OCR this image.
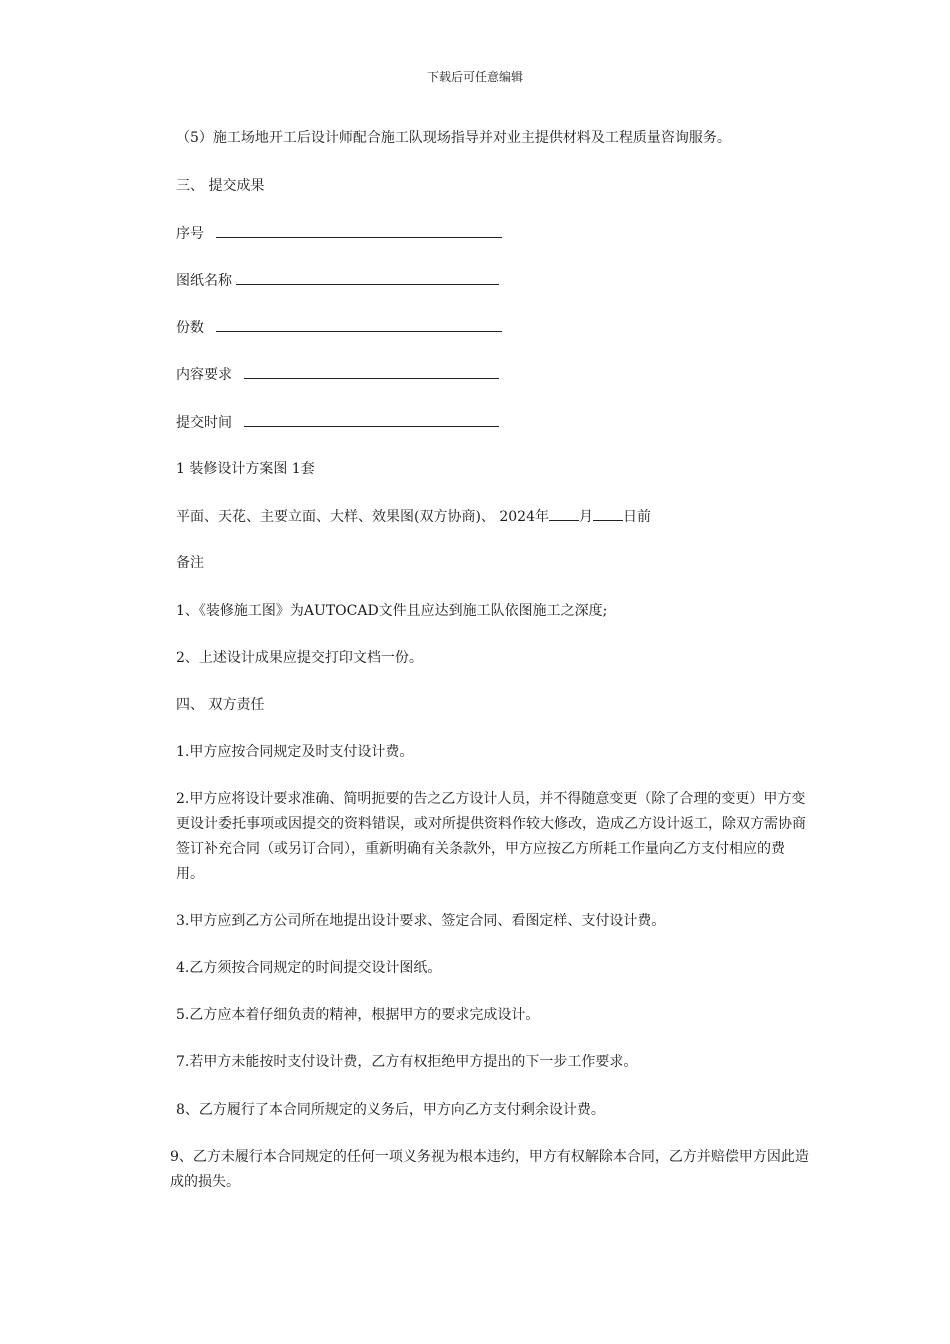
下载后可任意编辑
（5）施工场地开工后设计师配合施工队现场指导并对业主提供材料及工程质量咨询服务。
三、 提交成果
序号
图纸名称
份数
内容要求
提交时间
1 装修设计方案图 1套
平面、天花、主要立面、大样、效果图(双方协商)、 2024年 月 日前
备注
1、《装修施工图》为AUTOCAD文件且应达到施工队依图施工之深度;
2、上述设计成果应提交打印文档一份。
四、 双方责任
1.甲方应按合同规定及时支付设计费。
2.甲方应将设计要求准确、简明扼要的告之乙方设计人员，并不得随意变更（除了合理的变更）甲方变更设计委托事项或因提交的资料错误，或对所提供资料作较大修改，造成乙方设计返工，除双方需协商签订补充合同（或另订合同），重新明确有关条款外，甲方应按乙方所耗工作量向乙方支付相应的费用。
3.甲方应到乙方公司所在地提出设计要求、签定合同、看图定样、支付设计费。
4.乙方须按合同规定的时间提交设计图纸。
5.乙方应本着仔细负责的精神，根据甲方的要求完成设计。
7.若甲方未能按时支付设计费，乙方有权拒绝甲方提出的下一步工作要求。
8、乙方履行了本合同所规定的义务后，甲方向乙方支付剩余设计费。
9、乙方未履行本合同规定的任何一项义务视为根本违约，甲方有权解除本合同，乙方并赔偿甲方因此造成的损失。
